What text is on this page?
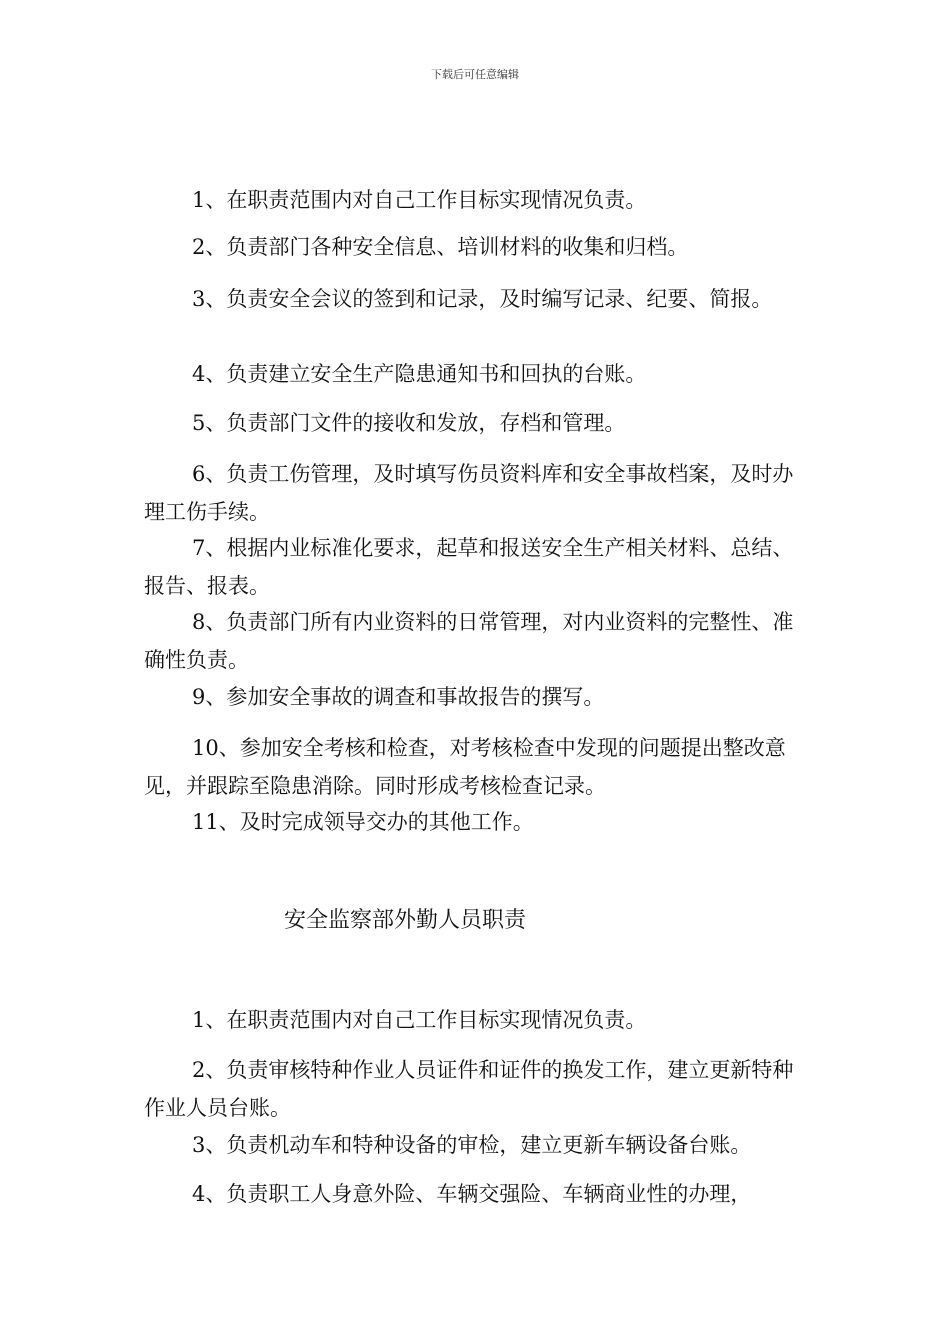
下载后可任意编辑

1、在职责范围内对自己工作目标实现情况负责。

2、负责部门各种安全信息、培训材料的收集和归档。

3、负责安全会议的签到和记录，及时编写记录、纪要、简报。

4、负责建立安全生产隐患通知书和回执的台账。

5、负责部门文件的接收和发放，存档和管理。

6、负责工伤管理，及时填写伤员资料库和安全事故档案，及时办理工伤手续。

7、根据内业标准化要求，起草和报送安全生产相关材料、总结、报告、报表。

8、负责部门所有内业资料的日常管理，对内业资料的完整性、准确性负责。

9、参加安全事故的调查和事故报告的撰写。

10、参加安全考核和检查，对考核检查中发现的问题提出整改意见，并跟踪至隐患消除。同时形成考核检查记录。

11、及时完成领导交办的其他工作。

安全监察部外勤人员职责

1、在职责范围内对自己工作目标实现情况负责。

2、负责审核特种作业人员证件和证件的换发工作，建立更新特种作业人员台账。

3、负责机动车和特种设备的审检，建立更新车辆设备台账。

4、负责职工人身意外险、车辆交强险、车辆商业性的办理，
